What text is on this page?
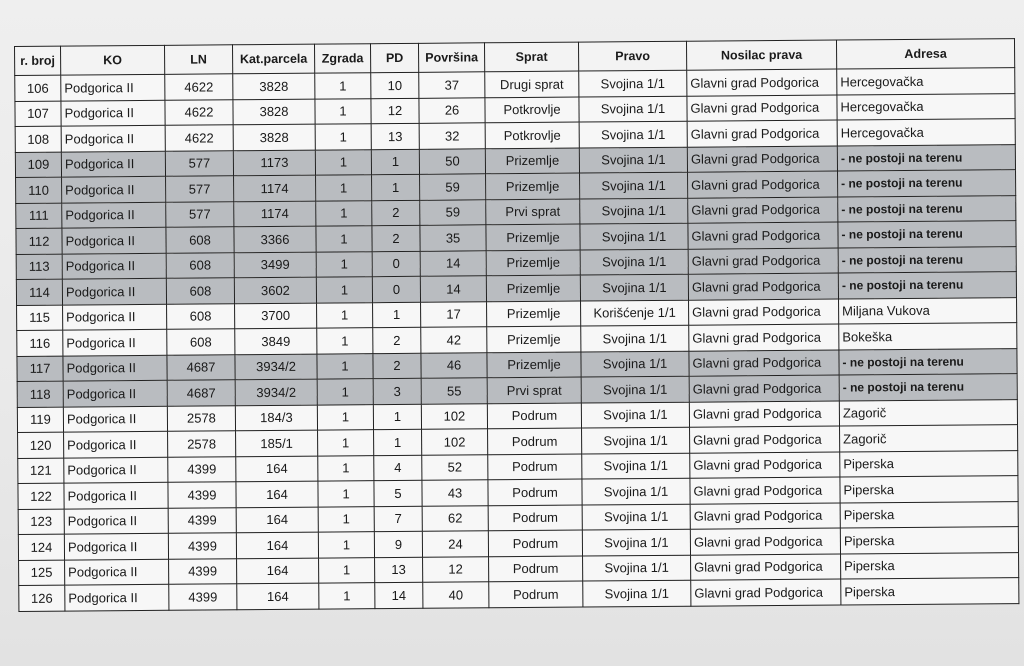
r. broj	KO	LN	Kat.parcela	Zgrada	PD	Površina	Sprat	Pravo	Nosilac prava	Adresa
106	Podgorica II	4622	3828	1	10	37	Drugi sprat	Svojina 1/1	Glavni grad Podgorica	Hercegovačka
107	Podgorica II	4622	3828	1	12	26	Potkrovlje	Svojina 1/1	Glavni grad Podgorica	Hercegovačka
108	Podgorica II	4622	3828	1	13	32	Potkrovlje	Svojina 1/1	Glavni grad Podgorica	Hercegovačka
109	Podgorica II	577	1173	1	1	50	Prizemlje	Svojina 1/1	Glavni grad Podgorica	- ne postoji na terenu
110	Podgorica II	577	1174	1	1	59	Prizemlje	Svojina 1/1	Glavni grad Podgorica	- ne postoji na terenu
111	Podgorica II	577	1174	1	2	59	Prvi sprat	Svojina 1/1	Glavni grad Podgorica	- ne postoji na terenu
112	Podgorica II	608	3366	1	2	35	Prizemlje	Svojina 1/1	Glavni grad Podgorica	- ne postoji na terenu
113	Podgorica II	608	3499	1	0	14	Prizemlje	Svojina 1/1	Glavni grad Podgorica	- ne postoji na terenu
114	Podgorica II	608	3602	1	0	14	Prizemlje	Svojina 1/1	Glavni grad Podgorica	- ne postoji na terenu
115	Podgorica II	608	3700	1	1	17	Prizemlje	Korišćenje 1/1	Glavni grad Podgorica	Miljana Vukova
116	Podgorica II	608	3849	1	2	42	Prizemlje	Svojina 1/1	Glavni grad Podgorica	Bokeška
117	Podgorica II	4687	3934/2	1	2	46	Prizemlje	Svojina 1/1	Glavni grad Podgorica	- ne postoji na terenu
118	Podgorica II	4687	3934/2	1	3	55	Prvi sprat	Svojina 1/1	Glavni grad Podgorica	- ne postoji na terenu
119	Podgorica II	2578	184/3	1	1	102	Podrum	Svojina 1/1	Glavni grad Podgorica	Zagorič
120	Podgorica II	2578	185/1	1	1	102	Podrum	Svojina 1/1	Glavni grad Podgorica	Zagorič
121	Podgorica II	4399	164	1	4	52	Podrum	Svojina 1/1	Glavni grad Podgorica	Piperska
122	Podgorica II	4399	164	1	5	43	Podrum	Svojina 1/1	Glavni grad Podgorica	Piperska
123	Podgorica II	4399	164	1	7	62	Podrum	Svojina 1/1	Glavni grad Podgorica	Piperska
124	Podgorica II	4399	164	1	9	24	Podrum	Svojina 1/1	Glavni grad Podgorica	Piperska
125	Podgorica II	4399	164	1	13	12	Podrum	Svojina 1/1	Glavni grad Podgorica	Piperska
126	Podgorica II	4399	164	1	14	40	Podrum	Svojina 1/1	Glavni grad Podgorica	Piperska
